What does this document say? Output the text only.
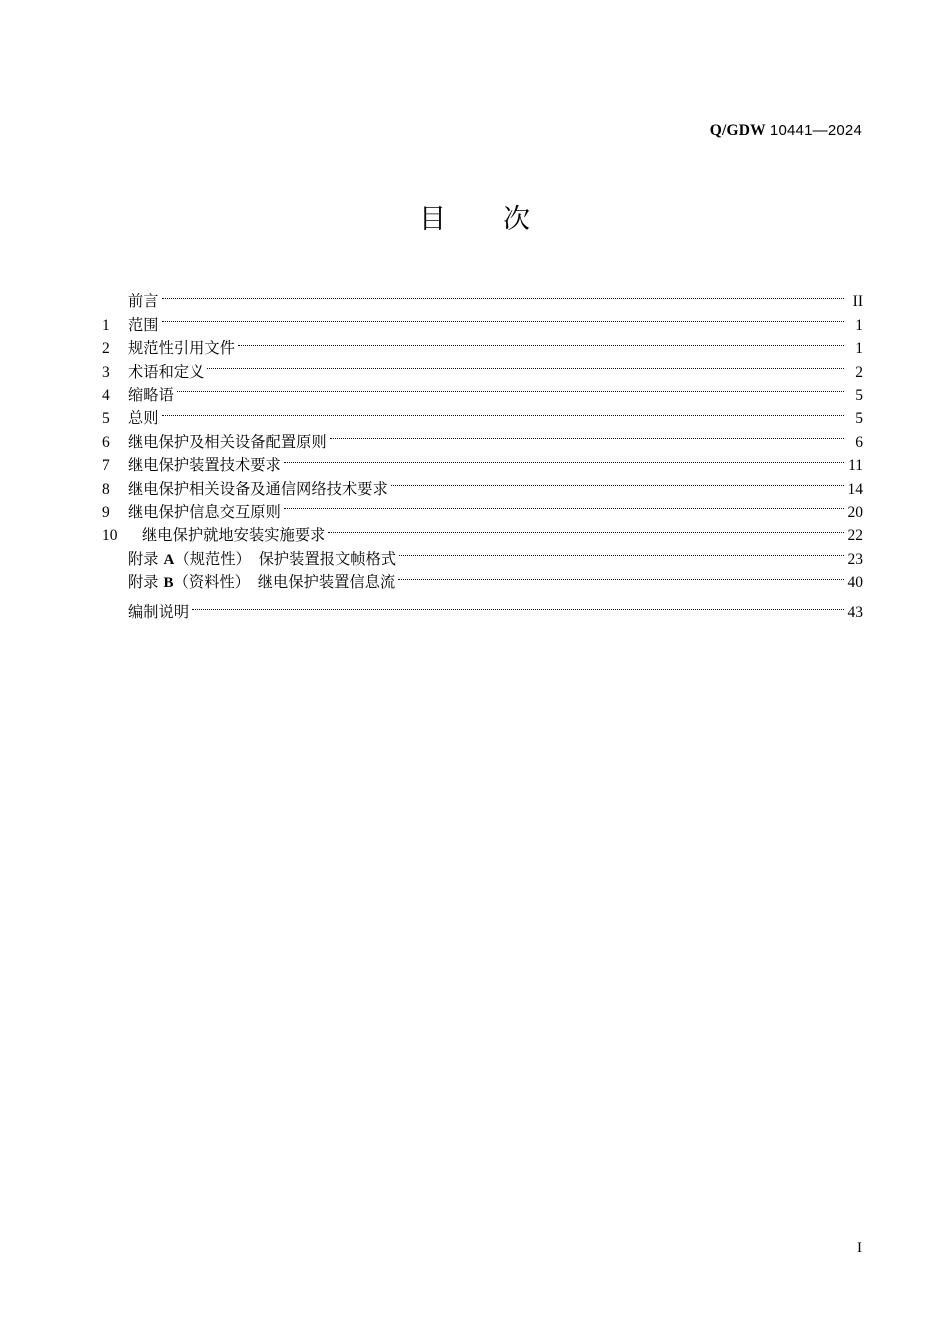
Q/GDW 10441—2024
目　　次
前言	II
1	范围	1
2	规范性引用文件	1
3	术语和定义	2
4	缩略语	5
5	总则	5
6	继电保护及相关设备配置原则	6
7	继电保护装置技术要求	11
8	继电保护相关设备及通信网络技术要求	14
9	继电保护信息交互原则	20
10	继电保护就地安装实施要求	22
附录 A（规范性）　保护装置报文帧格式	23
附录 B（资料性）　继电保护装置信息流	40
编制说明	43
I
